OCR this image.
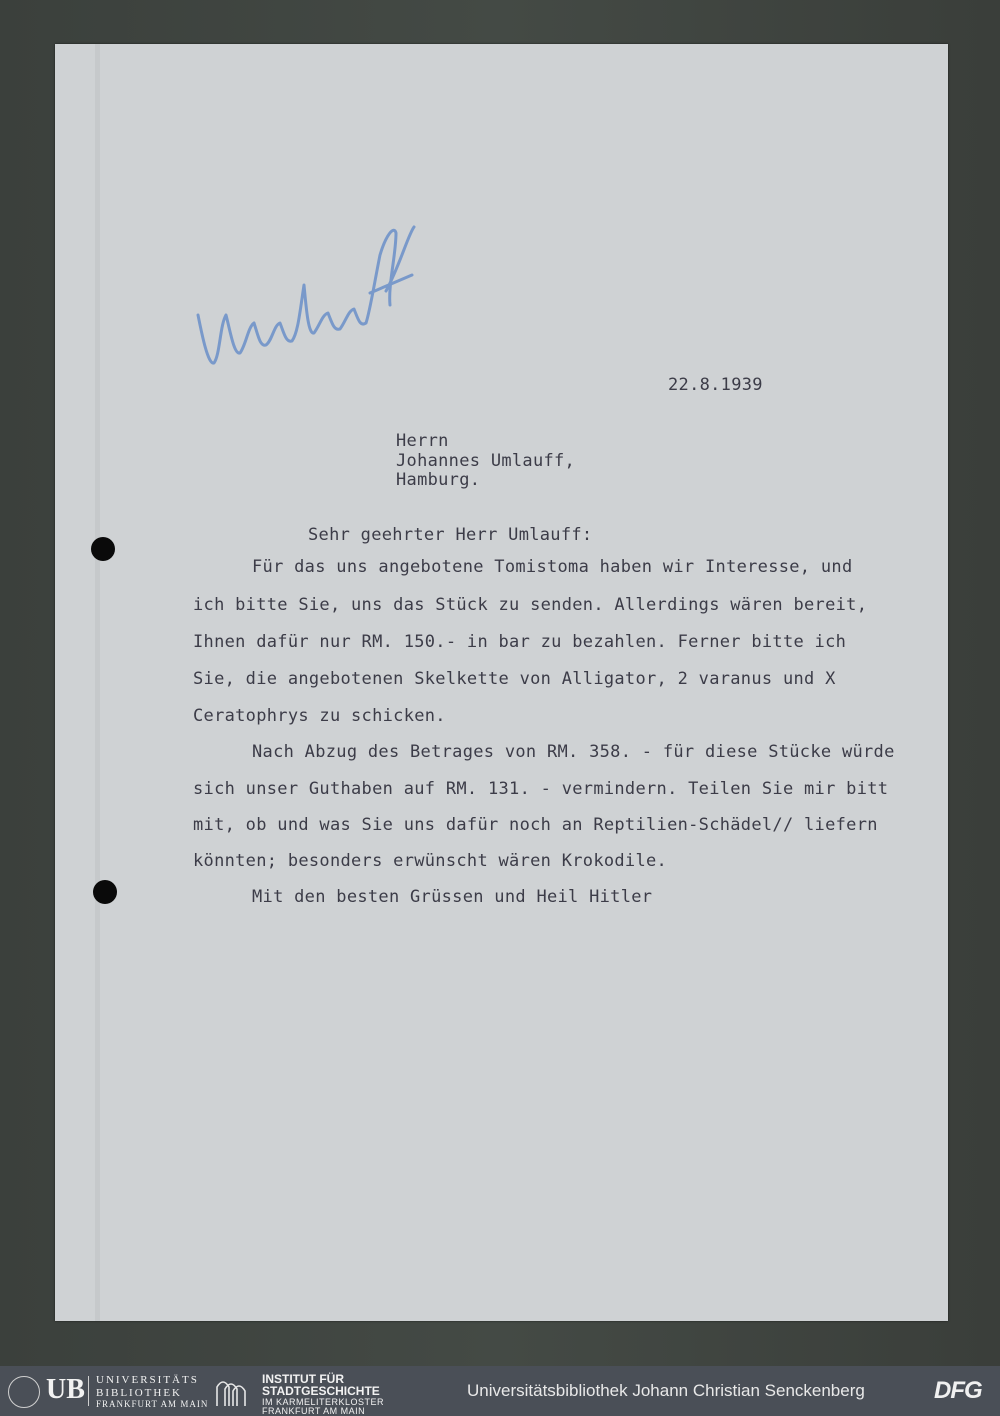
22.8.1939
Herrn
Johannes Umlauff,
Hamburg.
Sehr geehrter Herr Umlauff:
Für das uns angebotene Tomistoma haben wir Interesse, und
ich bitte Sie, uns das Stück zu senden. Allerdings wären bereit,
Ihnen dafür nur RM. 150.- in bar zu bezahlen. Ferner bitte ich
Sie, die angebotenen Skelkette von Alligator, 2 varanus und X
Ceratophrys zu schicken.
Nach Abzug des Betrages von RM. 358. - für diese Stücke würde
sich unser Guthaben auf RM. 131. - vermindern. Teilen Sie mir bitt
mit, ob und was Sie uns dafür noch an Reptilien-Schädel// liefern
könnten; besonders erwünscht wären Krokodile.
Mit den besten Grüssen und Heil Hitler
UB UNIVERSITÄTS
BIBLIOTHEK
FRANKFURT AM MAIN
INSTITUT FÜR
STADTGESCHICHTE
IM KARMELITERKLOSTER
FRANKFURT AM MAIN
Universitätsbibliothek Johann Christian Senckenberg	DFG
